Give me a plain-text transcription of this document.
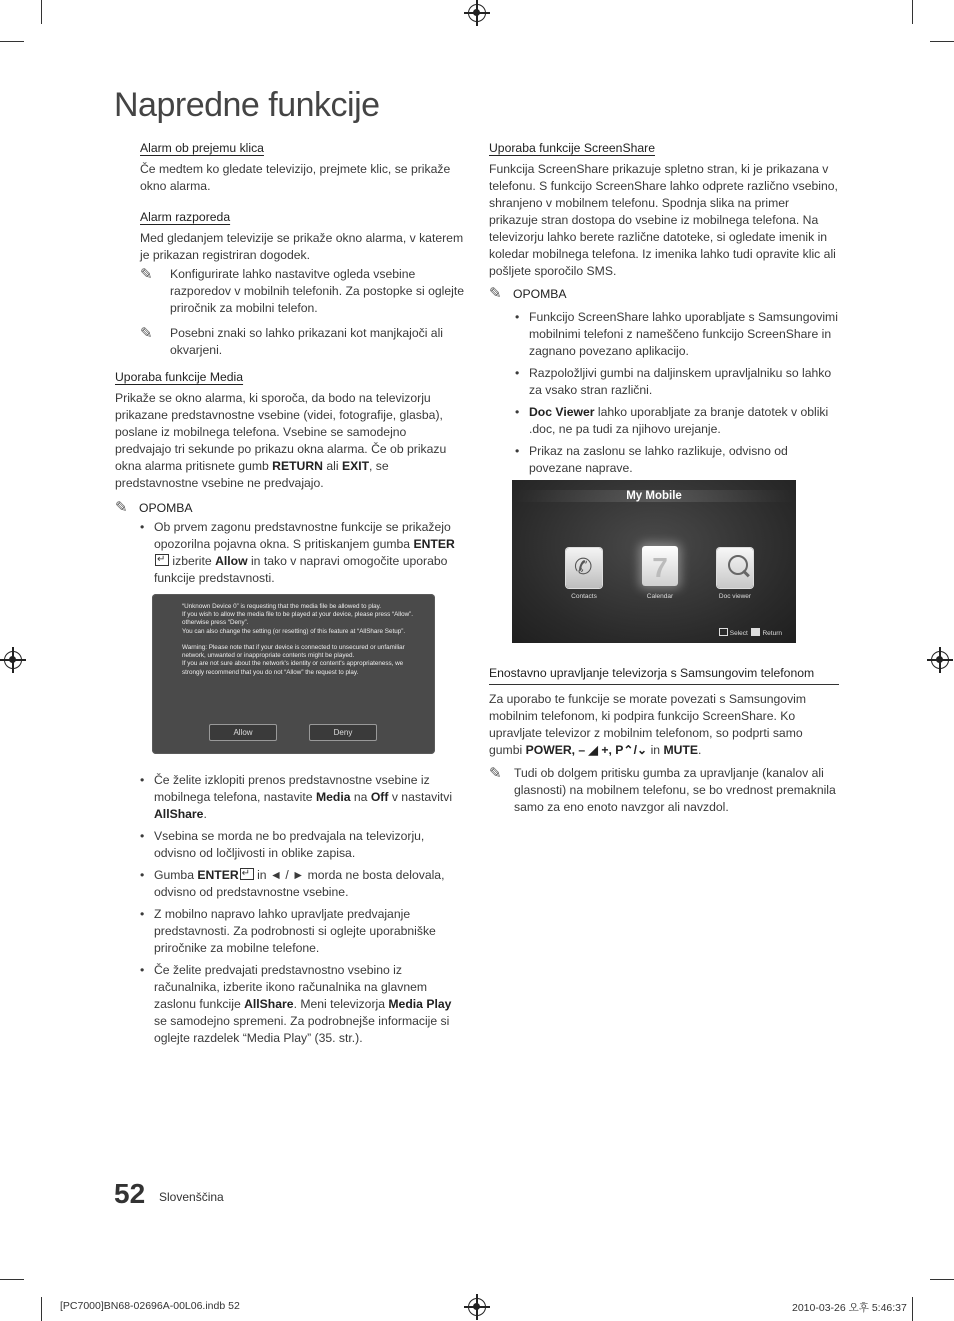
Napredne funkcije
Alarm ob prejemu klica

Če medtem ko gledate televizijo, prejmete klic, se prikaže okno alarma.

Alarm razporeda

Med gledanjem televizije se prikaže okno alarma, v katerem je prikazan registriran dogodek.

✎ Konfigurirate lahko nastavitve ogleda vsebine razporedov v mobilnih telefonih. Za postopke si oglejte priročnik za mobilni telefon.
✎ Posebni znaki so lahko prikazani kot manjkajoči ali okvarjeni.
Uporaba funkcije Media

Prikaže se okno alarma, ki sporoča, da bodo na televizorju prikazane predstavnostne vsebine (videi, fotografije, glasba), poslane iz mobilnega telefona. Vsebine se samodejno predvajajo tri sekunde po prikazu okna alarma. Če ob prikazu okna alarma pritisnete gumb RETURN ali EXIT, se predstavnostne vsebine ne predvajajo.

✎ OPOMBA
• Ob prvem zagonu predstavnostne funkcije se prikažejo opozorilna pojavna okna. S pritiskanjem gumba ENTER↵ izberite Allow in tako v napravi omogočite uporabo funkcije predstavnosti.
“Unknown Device 0” is requesting that the media file be allowed to play.
If you wish to allow the media file to be played at your device, please press “Allow”. otherwise press “Deny”.
You can also change the setting (or resetting) of this feature at “AllShare Setup”.

Warning: Please note that if your device is connected to unsecured or unfamiliar network, unwanted or inappropriate contents might be played.
If you are not sure about the network's identity or content's appropriateness, we strongly recommend that you do not “Allow” the request to play.
Allow	Deny
• Če želite izklopiti prenos predstavnostne vsebine iz mobilnega telefona, nastavite Media na Off v nastavitvi AllShare.
• Vsebina se morda ne bo predvajala na televizorju, odvisno od ločljivosti in oblike zapisa.
• Gumba ENTER↵ in ◄ / ► morda ne bosta delovala, odvisno od predstavnostne vsebine.
• Z mobilno napravo lahko upravljate predvajanje predstavnosti. Za podrobnosti si oglejte uporabniške priročnike za mobilne telefone.
• Če želite predvajati predstavnostno vsebino iz računalnika, izberite ikono računalnika na glavnem zaslonu funkcije AllShare. Meni televizorja Media Play se samodejno spremeni. Za podrobnejše informacije si oglejte razdelek “Media Play” (35. str.).
Uporaba funkcije ScreenShare

Funkcija ScreenShare prikazuje spletno stran, ki je prikazana v telefonu. S funkcijo ScreenShare lahko odprete različno vsebino, shranjeno v mobilnem telefonu. Spodnja slika na primer prikazuje stran dostopa do vsebine iz mobilnega telefona. Na televizorju lahko berete različne datoteke, si ogledate imenik in koledar mobilnega telefona. Iz imenika lahko tudi opravite klic ali pošljete sporočilo SMS.

✎ OPOMBA
• Funkcijo ScreenShare lahko uporabljate s Samsungovimi mobilnimi telefoni z nameščeno funkcijo ScreenShare in zagnano povezano aplikacijo.
• Razpoložljivi gumbi na daljinskem upravljalniku so lahko za vsako stran različni.
• Doc Viewer lahko uporabljate za branje datotek v obliki .doc, ne pa tudi za njihovo urejanje.
• Prikaz na zaslonu se lahko razlikuje, odvisno od povezane naprave.
My Mobile
✆
Contacts
7
Calendar	Doc viewer
Select Return
Enostavno upravljanje televizorja s Samsungovim telefonom

Za uporabo te funkcije se morate povezati s Samsungovim mobilnim telefonom, ki podpira funkcijo ScreenShare. Ko upravljate televizor z mobilnim telefonom, so podprti samo gumbi POWER, – ◢ +, P⌃/⌄ in MUTE.

✎ Tudi ob dolgem pritisku gumba za upravljanje (kanalov ali glasnosti) na mobilnem telefonu, se bo vrednost premaknila samo za eno enoto navzgor ali navzdol.
52 Slovenščina
[PC7000]BN68-02696A-00L06.indb 52	2010-03-26 오후 5:46:37
